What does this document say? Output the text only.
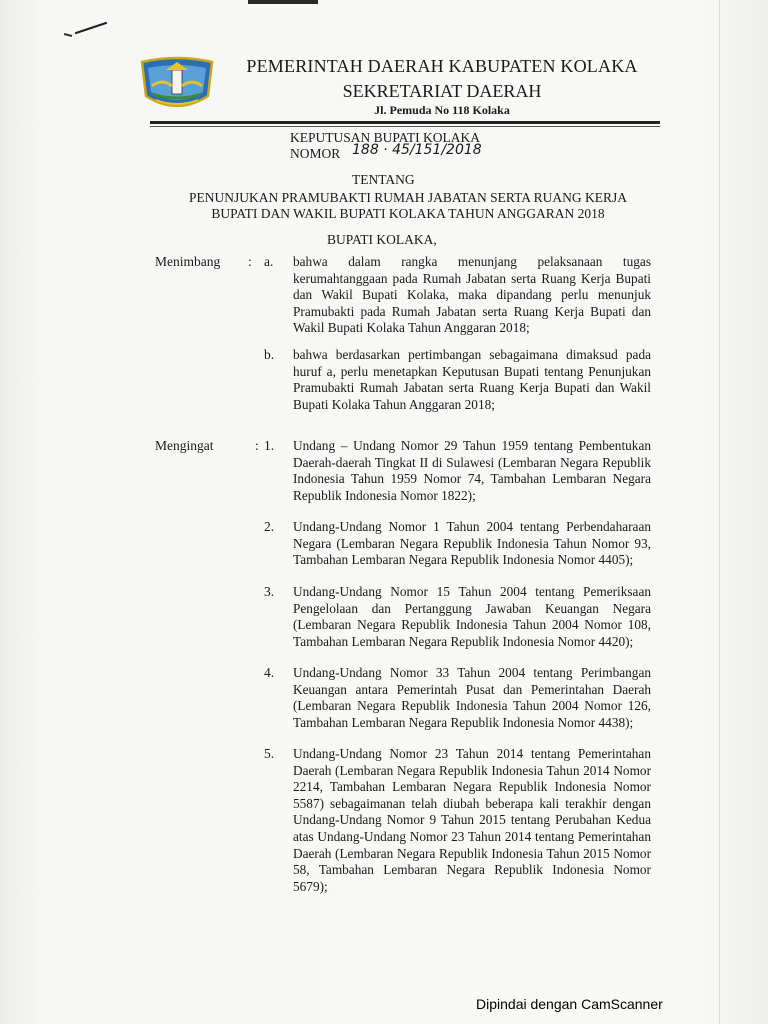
PEMERINTAH DAERAH KABUPATEN KOLAKA
SEKRETARIAT DAERAH
Jl. Pemuda No 118 Kolaka
KEPUTUSAN BUPATI KOLAKA
NOMOR 188 · 45/151/2018
TENTANG
PENUNJUKAN PRAMUBAKTI RUMAH JABATAN SERTA RUANG KERJA
BUPATI DAN WAKIL BUPATI KOLAKA TAHUN ANGGARAN 2018
BUPATI KOLAKA,
Menimbang : a. bahwa dalam rangka menunjang pelaksanaan tugas kerumahtanggaan pada Rumah Jabatan serta Ruang Kerja Bupati dan Wakil Bupati Kolaka, maka dipandang perlu menunjuk Pramubakti pada Rumah Jabatan serta Ruang Kerja Bupati dan Wakil Bupati Kolaka Tahun Anggaran 2018;
b. bahwa berdasarkan pertimbangan sebagaimana dimaksud pada huruf a, perlu menetapkan Keputusan Bupati tentang Penunjukan Pramubakti Rumah Jabatan serta Ruang Kerja Bupati dan Wakil Bupati Kolaka Tahun Anggaran 2018;
Mengingat	: 1. Undang – Undang Nomor 29 Tahun 1959 tentang Pembentukan Daerah-daerah Tingkat II di Sulawesi (Lembaran Negara Republik Indonesia Tahun 1959 Nomor 74, Tambahan Lembaran Negara Republik Indonesia Nomor 1822);
2. Undang-Undang Nomor 1 Tahun 2004 tentang Perbendaharaan Negara (Lembaran Negara Republik Indonesia Tahun Nomor 93, Tambahan Lembaran Negara Republik Indonesia Nomor 4405);
3. Undang-Undang Nomor 15 Tahun 2004 tentang Pemeriksaan Pengelolaan dan Pertanggung Jawaban Keuangan Negara (Lembaran Negara Republik Indonesia Tahun 2004 Nomor 108, Tambahan Lembaran Negara Republik Indonesia Nomor 4420);
4. Undang-Undang Nomor 33 Tahun 2004 tentang Perimbangan Keuangan antara Pemerintah Pusat dan Pemerintahan Daerah (Lembaran Negara Republik Indonesia Tahun 2004 Nomor 126, Tambahan Lembaran Negara Republik Indonesia Nomor 4438);
5. Undang-Undang Nomor 23 Tahun 2014 tentang Pemerintahan Daerah (Lembaran Negara Republik Indonesia Tahun 2014 Nomor 2214, Tambahan Lembaran Negara Republik Indonesia Nomor 5587) sebagaimanan telah diubah beberapa kali terakhir dengan Undang-Undang Nomor 9 Tahun 2015 tentang Perubahan Kedua atas Undang-Undang Nomor 23 Tahun 2014 tentang Pemerintahan Daerah (Lembaran Negara Republik Indonesia Tahun 2015 Nomor 58, Tambahan Lembaran Negara Republik Indonesia Nomor 5679);
Dipindai dengan CamScanner
